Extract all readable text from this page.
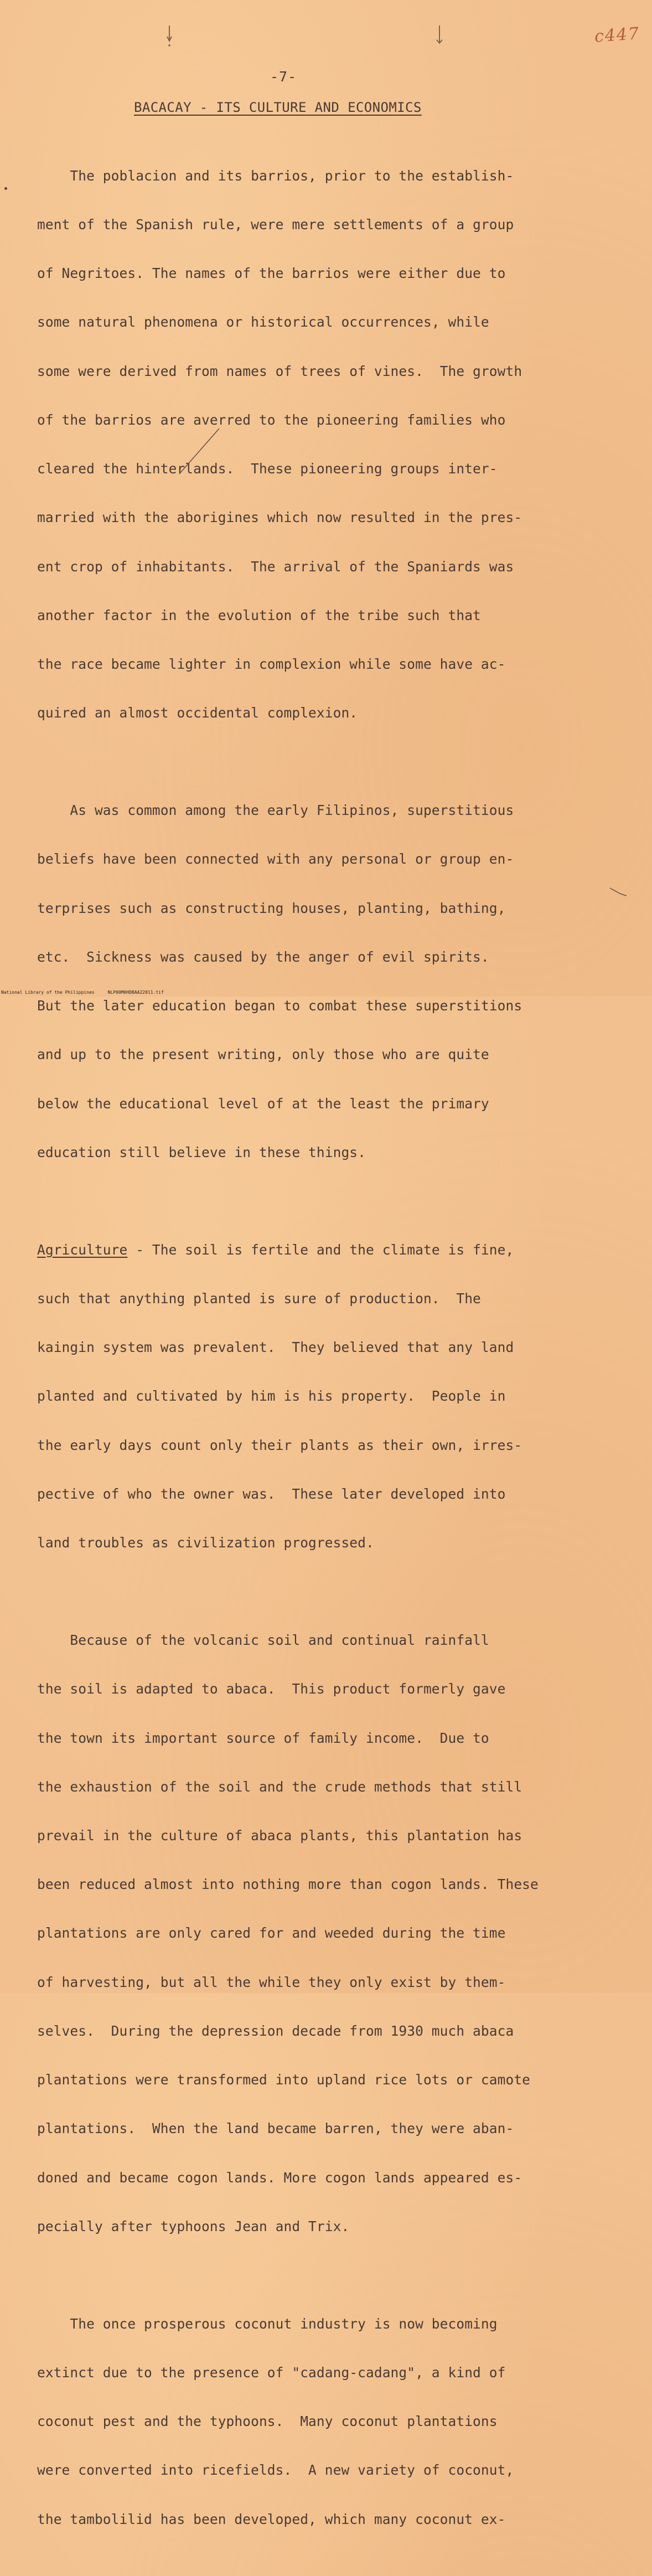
c447
-7-
BACACAY - ITS CULTURE AND ECONOMICS

The poblacion and its barrios, prior to the establish-

ment of the Spanish rule, were mere settlements of a group

of Negritoes. The names of the barrios were either due to

some natural phenomena or historical occurrences, while

some were derived from names of trees of vines.  The growth

of the barrios are averred to the pioneering families who

cleared the hinterlands.  These pioneering groups inter-

married with the aborigines which now resulted in the pres-

ent crop of inhabitants.  The arrival of the Spaniards was

another factor in the evolution of the tribe such that

the race became lighter in complexion while some have ac-

quired an almost occidental complexion.

As was common among the early Filipinos, superstitious

beliefs have been connected with any personal or group en-

terprises such as constructing houses, planting, bathing,

etc.  Sickness was caused by the anger of evil spirits.

But the later education began to combat these superstitions

and up to the present writing, only those who are quite

below the educational level of at the least the primary

education still believe in these things.

Agriculture - The soil is fertile and the climate is fine,

such that anything planted is sure of production.  The

kaingin system was prevalent.  They believed that any land

planted and cultivated by him is his property.  People in

the early days count only their plants as their own, irres-

pective of who the owner was.  These later developed into

land troubles as civilization progressed.

Because of the volcanic soil and continual rainfall

the soil is adapted to abaca.  This product formerly gave

the town its important source of family income.  Due to

the exhaustion of the soil and the crude methods that still

prevail in the culture of abaca plants, this plantation has

been reduced almost into nothing more than cogon lands. These

plantations are only cared for and weeded during the time

of harvesting, but all the while they only exist by them-

selves.  During the depression decade from 1930 much abaca

plantations were transformed into upland rice lots or camote

plantations.  When the land became barren, they were aban-

doned and became cogon lands. More cogon lands appeared es-

pecially after typhoons Jean and Trix.

The once prosperous coconut industry is now becoming

extinct due to the presence of "cadang-cadang", a kind of

coconut pest and the typhoons.  Many coconut plantations

were converted into ricefields.  A new variety of coconut,

the tambolilid has been developed, which many coconut ex-

National Library of the Philippines     NLP00M0HDBAA22011.tif
